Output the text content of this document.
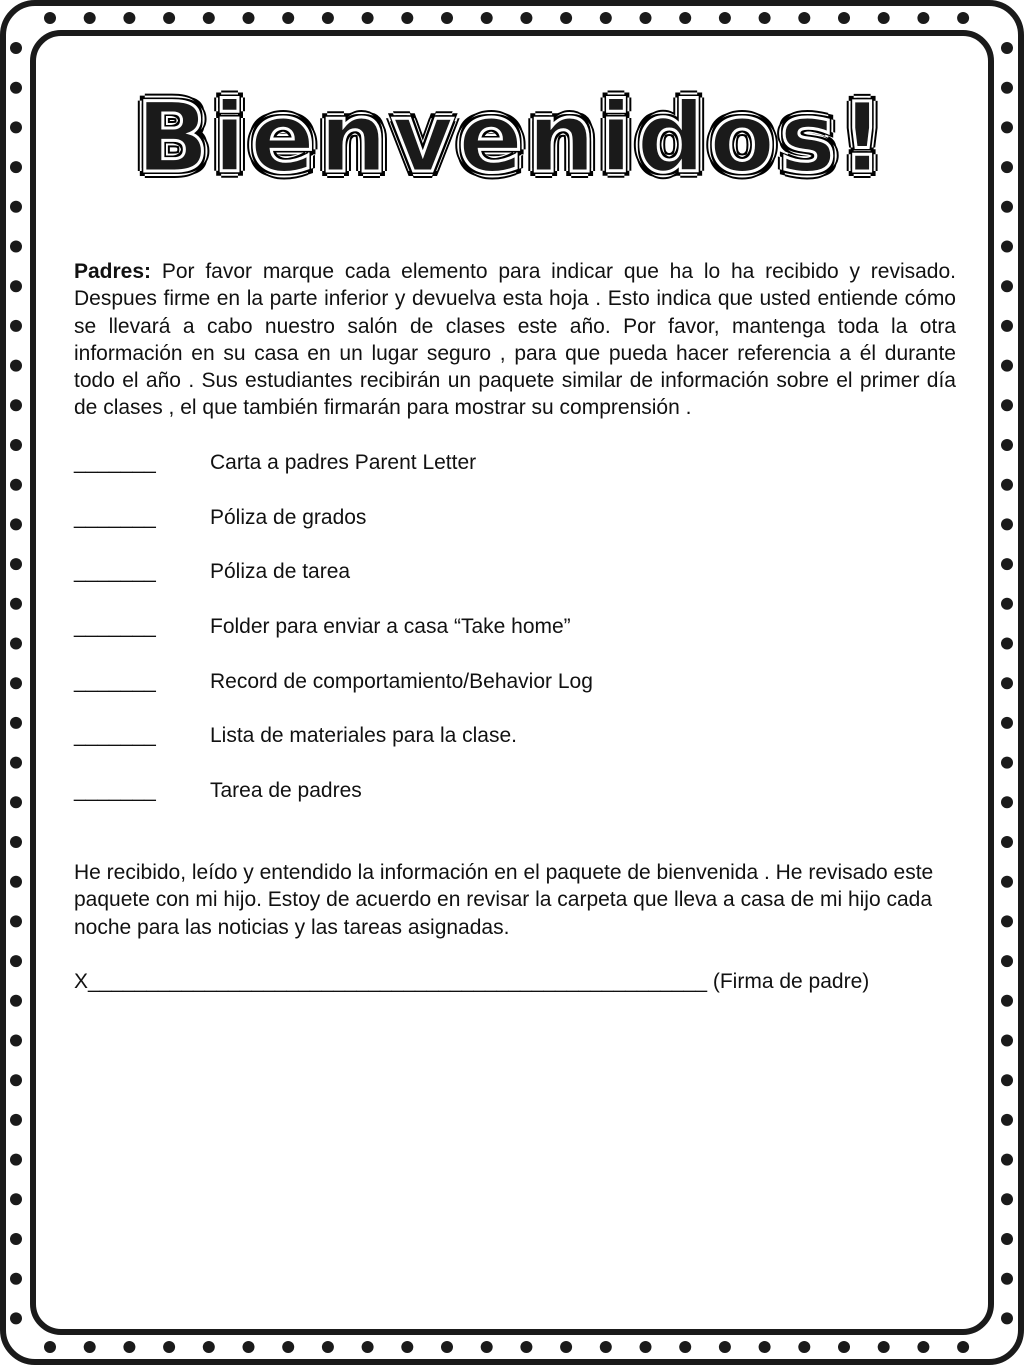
Bienvenidos!

Padres: Por favor marque cada elemento para indicar que ha lo ha recibido y revisado. Despues firme en la parte inferior y devuelva esta hoja . Esto indica que usted entiende cómo se llevará a cabo nuestro salón de clases este año. Por favor, mantenga toda la otra información en su casa en un lugar seguro , para que pueda hacer referencia a él durante todo el año . Sus estudiantes recibirán un paquete similar de información sobre el primer día de clases , el que también firmarán para mostrar su comprensión .

_______	Carta a padres Parent Letter
_______	Póliza de grados
_______	Póliza de tarea
_______	Folder para enviar a casa “Take home”
_______	Record de comportamiento/Behavior Log
_______	Lista de materiales para la clase.
_______	Tarea de padres

He recibido, leído y entendido la información en el paquete de bienvenida . He revisado este paquete con mi hijo. Estoy de acuerdo en revisar la carpeta que lleva a casa de mi hijo cada noche para las noticias y las tareas asignadas.

X_____________________________________________________ (Firma de padre)
